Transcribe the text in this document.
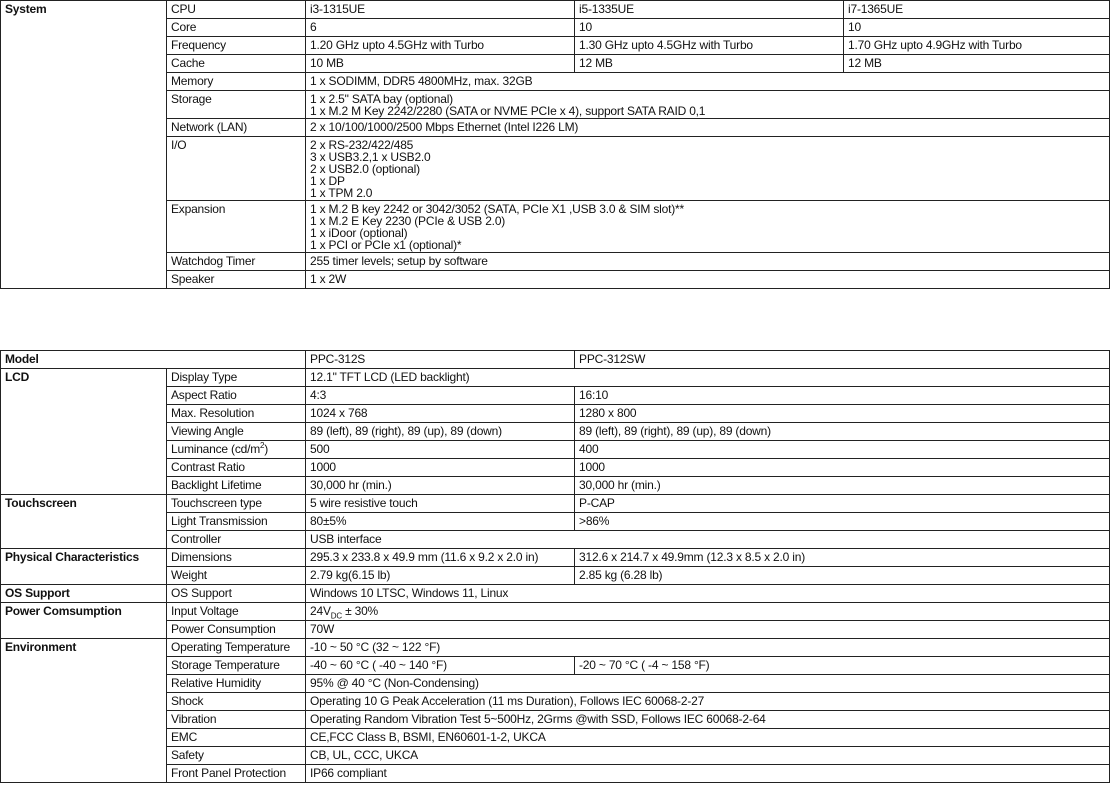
System	CPU	i3-1315UE	i5-1335UE	i7-1365UE
	Core	6	10	10
	Frequency	1.20 GHz upto 4.5GHz with Turbo	1.30 GHz upto 4.5GHz with Turbo	1.70 GHz upto 4.9GHz with Turbo
	Cache	10 MB	12 MB	12 MB
	Memory	1 x SODIMM, DDR5 4800MHz, max. 32GB		
	Storage	1 x 2.5" SATA bay (optional)
1 x M.2 M Key 2242/2280 (SATA or NVME PCIe x 4), support SATA RAID 0,1		

	Network (LAN)	2 x 10/100/1000/2500 Mbps Ethernet (Intel I226 LM)		
	I/O	2 x RS-232/422/485
3 x USB3.2,1 x USB2.0
2 x USB2.0 (optional)
1 x DP
1 x TPM 2.0		

	Expansion	1 x M.2 B key 2242 or 3042/3052 (SATA, PCIe X1 ,USB 3.0 & SIM slot)**
1 x M.2 E Key 2230 (PCIe & USB 2.0)
1 x iDoor (optional)
1 x PCI or PCIe x1 (optional)*		

	Watchdog Timer	255 timer levels; setup by software		
	Speaker	1 x 2W		
Model		PPC-312S	PPC-312SW
LCD	Display Type	12.1" TFT LCD (LED backlight)	
	Aspect Ratio	4:3	16:10
	Max. Resolution	1024 x 768	1280 x 800
	Viewing Angle	89 (left), 89 (right), 89 (up), 89 (down)	89 (left), 89 (right), 89 (up), 89 (down)
	Luminance $(cd/m^2)$	500	400
	Contrast Ratio	1000	1000
	Backlight Lifetime	30,000 hr (min.)	30,000 hr (min.)
Touchscreen	Touchscreen type	5 wire resistive touch	P-CAP
	Light Transmission	80±5%	>86%
	Controller	USB interface	
Physical Characteristics	Dimensions	295.3 x 233.8 x 49.9 mm (11.6 x 9.2 x 2.0 in)	312.6 x 214.7 x 49.9mm (12.3 x 8.5 x 2.0 in)
	Weight	2.79 kg(6.15 lb)	2.85 kg (6.28 lb)
OS Support	OS Support	Windows 10 LTSC, Windows 11, Linux	
Power Comsumption	Input Voltage	$24V_{DC} \pm 30\%$	
	Power Consumption	70W	
Environment	Operating Temperature	-10 ~ 50 °C (32 ~ 122 °F)	
	Storage Temperature	-40 ~ 60 °C ( -40 ~ 140 °F)	-20 ~ 70 °C ( -4 ~ 158 °F)
	Relative Humidity	95% @ 40 °C (Non-Condensing)	
	Shock	Operating 10 G Peak Acceleration (11 ms Duration), Follows IEC 60068-2-27	
	Vibration	Operating Random Vibration Test 5~500Hz, 2Grms @with SSD, Follows IEC 60068-2-64	
	EMC	CE,FCC Class B, BSMI, EN60601-1-2, UKCA	
	Safety	CB, UL, CCC, UKCA	
	Front Panel Protection	IP66 compliant	
